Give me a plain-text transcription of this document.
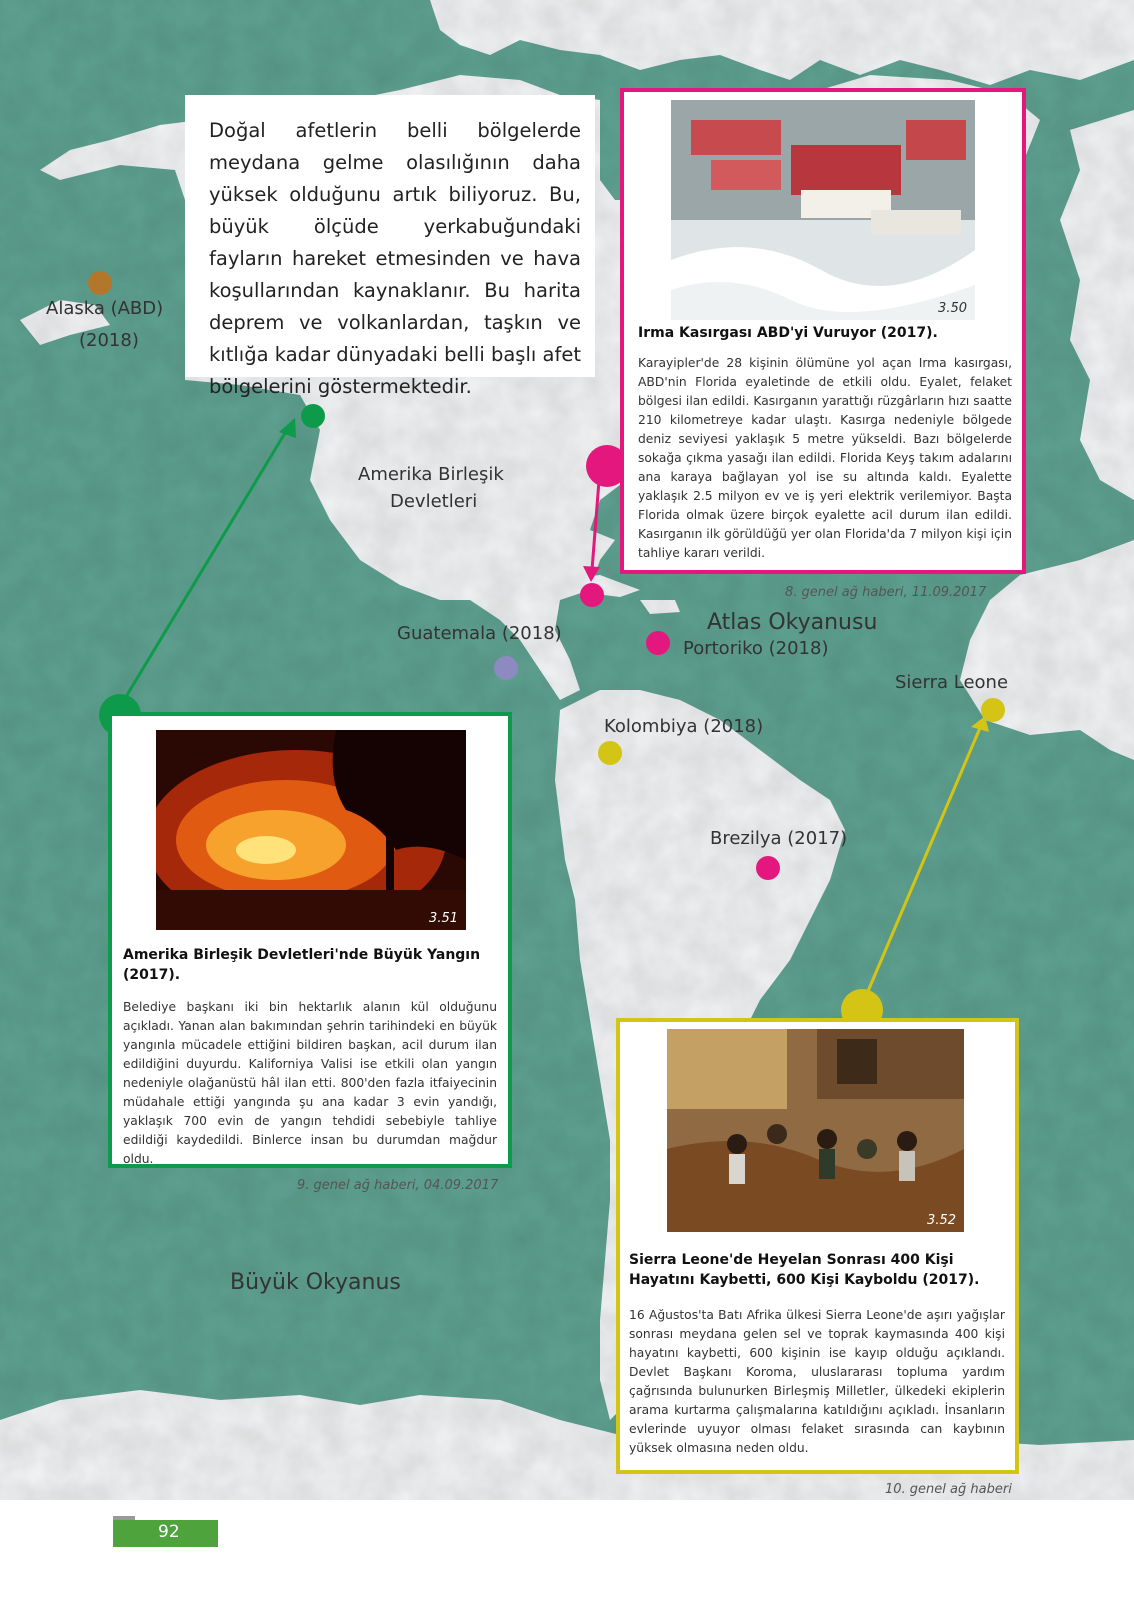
Alaska (ABD)
(2018)
Amerika Birleşik
Devletleri
Guatemala (2018)
Portoriko (2018)
Sierra Leone
Kolombiya (2018)
Brezilya (2017)
Atlas Okyanusu
Büyük Okyanus

Doğal afetlerin belli bölgelerde meydana gelme olasılığının daha yüksek olduğunu artık biliyoruz. Bu, büyük ölçüde yerkabuğundaki fayların hareket etmesinden ve hava koşullarından kaynaklanır. Bu harita deprem ve volkanlardan, taşkın ve kıtlığa kadar dünyadaki belli başlı afet bölgelerini göstermektedir.

3.50
Irma Kasırgası ABD'yi Vuruyor (2017).
Karayipler'de 28 kişinin ölümüne yol açan Irma kasırgası, ABD'nin Florida eyaletinde de etkili oldu. Eyalet, felaket bölgesi ilan edildi. Kasırganın yarattığı rüzgârların hızı saatte 210 kilometreye kadar ulaştı. Kasırga nedeniyle bölgede deniz seviyesi yaklaşık 5 metre yükseldi. Bazı bölgelerde sokağa çıkma yasağı ilan edildi. Florida Keyş takım adalarını ana karaya bağlayan yol ise su altında kaldı. Eyalette yaklaşık 2.5 milyon ev ve iş yeri elektrik verilemiyor. Başta Florida olmak üzere birçok eyalette acil durum ilan edildi. Kasırganın ilk görüldüğü yer olan Florida'da 7 milyon kişi için tahliye kararı verildi.
8. genel ağ haberi, 11.09.2017
3.51
Amerika Birleşik Devletleri'nde Büyük Yangın (2017).
Belediye başkanı iki bin hektarlık alanın kül olduğunu açıkladı. Yanan alan bakımından şehrin tarihindeki en büyük yangınla mücadele ettiğini bildiren başkan, acil durum ilan edildiğini duyurdu. Kaliforniya Valisi ise etkili olan yangın nedeniyle olağanüstü hâl ilan etti. 800'den fazla itfaiyecinin müdahale ettiği yangında şu ana kadar 3 evin yandığı, yaklaşık 700 evin de yangın tehdidi sebebiyle tahliye edildiği kaydedildi. Binlerce insan bu durumdan mağdur oldu.
9. genel ağ haberi, 04.09.2017
3.52
Sierra Leone'de Heyelan Sonrası 400 Kişi Hayatını Kaybetti, 600 Kişi Kayboldu (2017).
16 Ağustos'ta Batı Afrika ülkesi Sierra Leone'de aşırı yağışlar sonrası meydana gelen sel ve toprak kaymasında 400 kişi hayatını kaybetti, 600 kişinin ise kayıp olduğu açıklandı. Devlet Başkanı Koroma, uluslararası topluma yardım çağrısında bulunurken Birleşmiş Milletler, ülkedeki ekiplerin arama kurtarma çalışmalarına katıldığını açıkladı. İnsanların evlerinde uyuyor olması felaket sırasında can kaybının yüksek olmasına neden oldu.
10. genel ağ haberi
92
